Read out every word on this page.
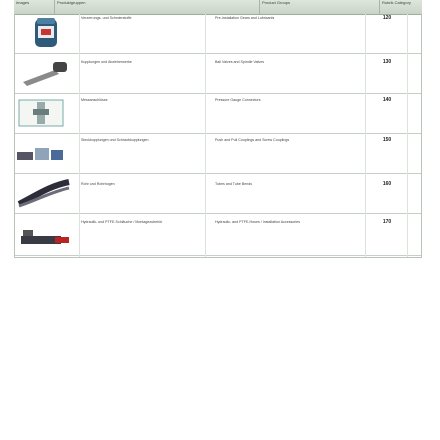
Images	Produktgruppen	Product Groups	Rubrik Category
Verzerrungs- und Schmierstoffe	Pre-Installation Gears and Lubricants	120
Kupplungen und Abzieherwerke	Ball Valves and Spindle Valves	130
Messanschlüsse	Pressure Gauge Connectors	140
Steckkupplungen und Schraubkupplungen	Push and Pull Couplings and Screw Couplings	150
Rohr und Rohrbogen	Tubes and Tube Bends	160
Hydraulik- und PTFE-Schläuche / Montagezubehör	Hydraulic- and PTFE-Hoses / Installation Accessories	170
